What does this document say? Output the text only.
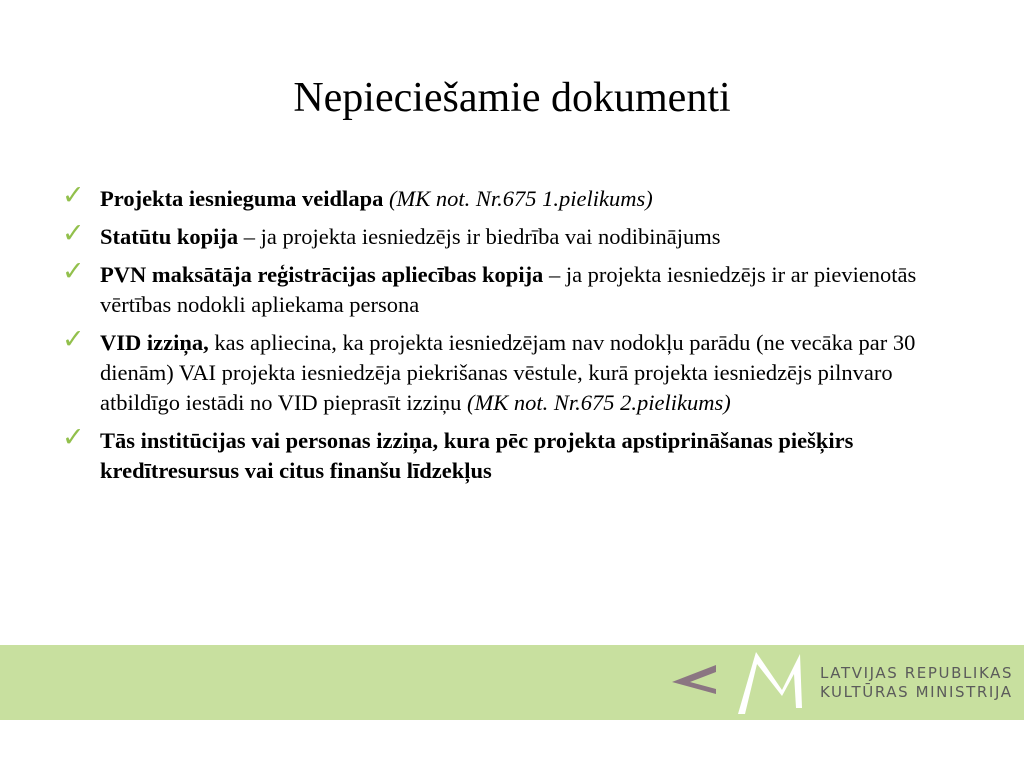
Nepieciešamie dokumenti
✓ Projekta iesnieguma veidlapa (MK not. Nr.675 1.pielikums)
✓ Statūtu kopija – ja projekta iesniedzējs ir biedrība vai nodibinājums
✓ PVN maksātāja reģistrācijas apliecības kopija – ja projekta iesniedzējs ir ar pievienotās vērtības nodokli apliekama persona
✓ VID izziņa, kas apliecina, ka projekta iesniedzējam nav nodokļu parādu (ne vecāka par 30 dienām) VAI projekta iesniedzēja piekrišanas vēstule, kurā projekta iesniedzējs pilnvaro atbildīgo iestādi no VID pieprasīt izziņu (MK not. Nr.675 2.pielikums)
✓ Tās institūcijas vai personas izziņa, kura pēc projekta apstiprināšanas piešķirs kredītresursus vai citus finanšu līdzekļus
LATVIJAS REPUBLIKAS
KULTŪRAS MINISTRIJA
